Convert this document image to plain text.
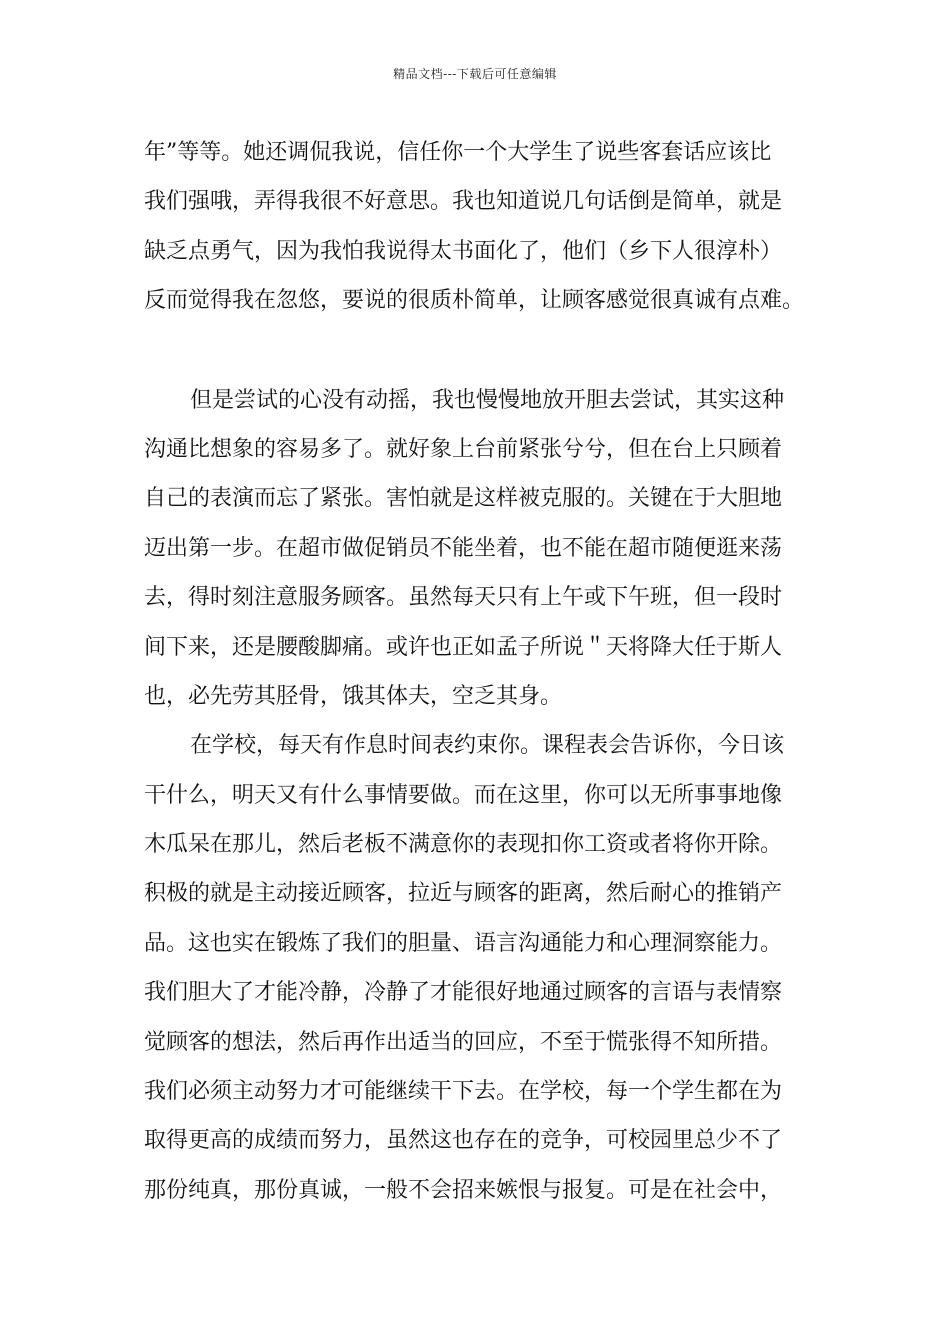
精品文档---下载后可任意编辑
年”等等。她还调侃我说，信任你一个大学生了说些客套话应该比
我们强哦，弄得我很不好意思。我也知道说几句话倒是简单，就是
缺乏点勇气，因为我怕我说得太书面化了，他们（乡下人很淳朴）
反而觉得我在忽悠，要说的很质朴简单，让顾客感觉很真诚有点难。
但是尝试的心没有动摇，我也慢慢地放开胆去尝试，其实这种
沟通比想象的容易多了。就好象上台前紧张兮兮，但在台上只顾着
自己的表演而忘了紧张。害怕就是这样被克服的。关键在于大胆地
迈出第一步。在超市做促销员不能坐着，也不能在超市随便逛来荡
去，得时刻注意服务顾客。虽然每天只有上午或下午班，但一段时
间下来，还是腰酸脚痛。或许也正如孟子所说＂天将降大任于斯人
也，必先劳其胫骨，饿其体夫，空乏其身。
在学校，每天有作息时间表约束你。课程表会告诉你，今日该
干什么，明天又有什么事情要做。而在这里，你可以无所事事地像
木瓜呆在那儿，然后老板不满意你的表现扣你工资或者将你开除。
积极的就是主动接近顾客，拉近与顾客的距离，然后耐心的推销产
品。这也实在锻炼了我们的胆量、语言沟通能力和心理洞察能力。
我们胆大了才能冷静，冷静了才能很好地通过顾客的言语与表情察
觉顾客的想法，然后再作出适当的回应，不至于慌张得不知所措。
我们必须主动努力才可能继续干下去。在学校，每一个学生都在为
取得更高的成绩而努力，虽然这也存在的竞争，可校园里总少不了
那份纯真，那份真诚，一般不会招来嫉恨与报复。可是在社会中，
